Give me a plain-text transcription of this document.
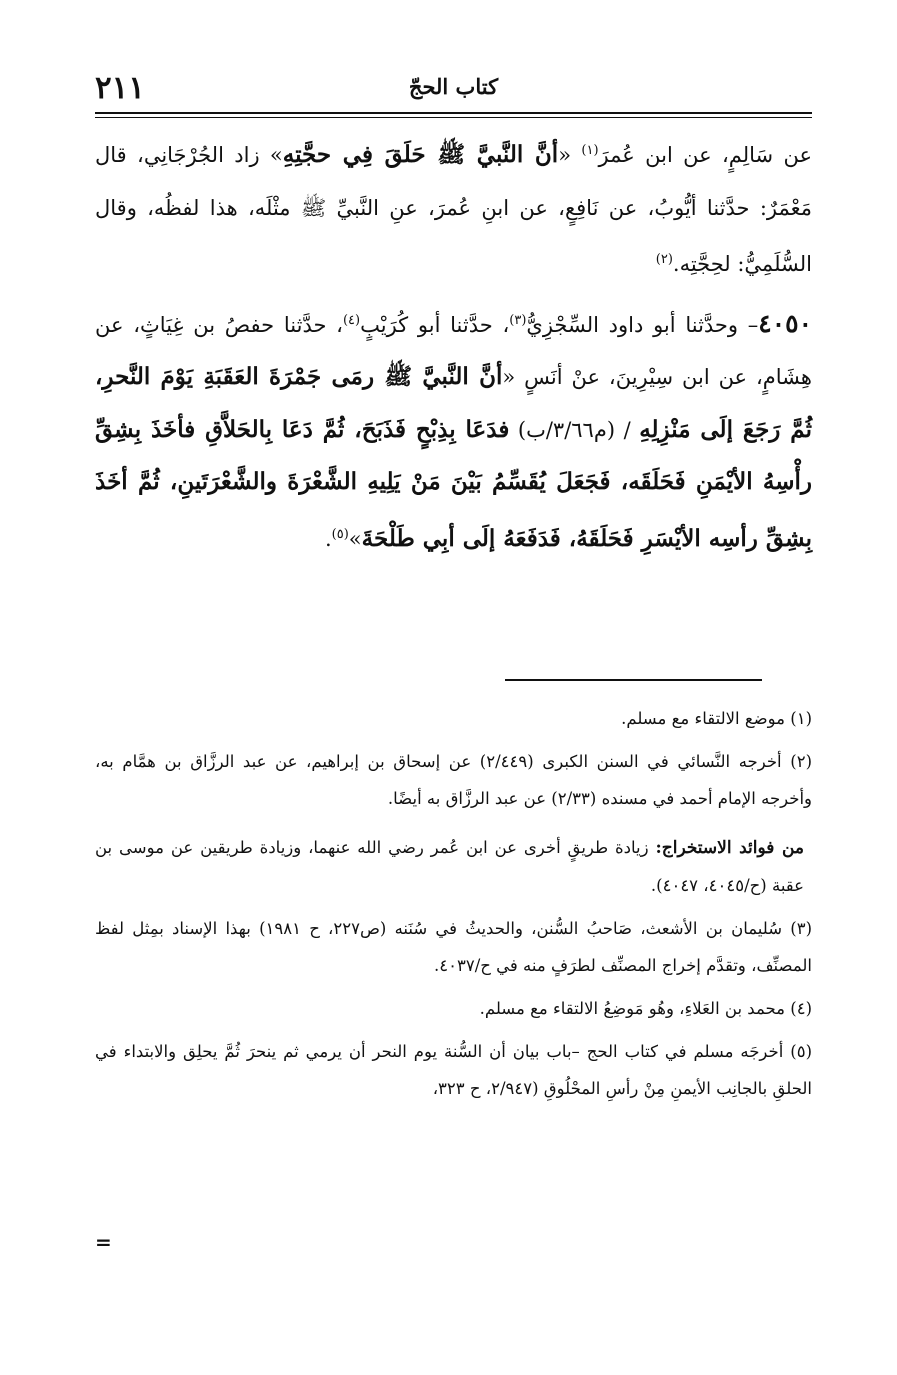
٢١١	كتاب الحجّ

عن سَالِمٍ، عن ابن عُمرَ$^{(١)}$ «أنَّ النَّبيَّ ﷺ حَلَقَ فِي حجَّتِهِ» زاد الجُرْجَانِي، قال مَعْمَرٌ: حدَّثنا أيُّوبُ، عن نَافِعٍ، عن ابنِ عُمرَ، عنِ النَّبيِّ ﷺ مثْلَه، هذا لفظُه، وقال السُّلَمِيُّ: لحِجَّتِه.$^{(٢)}$

٤٠٥٠– وحدَّثنا أبو داود السِّجْزِيُّ$^{(٣)}$، حدَّثنا أبو كُرَيْبٍ$^{(٤)}$، حدَّثنا حفصُ بن غِيَاثٍ، عن هِشَامٍ، عن ابن سِيْرِينَ، عنْ أنَسٍ «أنَّ النَّبيَّ ﷺ رمَى جَمْرَةَ العَقَبَةِ يَوْمَ النَّحرِ، ثُمَّ رَجَعَ إلَى مَنْزِلِهِ / (م٣/٦٦/ب) فدَعَا بِذِبْحٍ فَذَبَحَ، ثُمَّ دَعَا بِالحَلاَّقِ فأخَذَ بِشِقِّ رأْسِهُ الأيْمَنِ فَحَلَقَه، فَجَعَلَ يُقَسِّمُ بَيْنَ مَنْ يَلِيهِ الشَّعْرَةَ والشَّعْرَتَينِ، ثُمَّ أخَذَ بِشِقِّ رأسِه الأيْسَرِ فَحَلَقَهُ، فَدَفَعَهُ إلَى أبِي طَلْحَةَ»$^{(٥)}$.

(١) موضع الالتقاء مع مسلم.

(٢) أخرجه النَّسائي في السنن الكبرى (٢/٤٤٩) عن إسحاق بن إبراهيم، عن عبد الرزَّاق بن همَّام به، وأخرجه الإمام أحمد في مسنده (٢/٣٣) عن عبد الرزَّاق به أيضًا.

من فوائد الاستخراج: زيادة طريقٍ أخرى عن ابن عُمر رضي الله عنهما، وزيادة طريقين عن موسى بن عقبة (ح/٤٠٤٥، ٤٠٤٧).

(٣) سُليمان بن الأشعث، صَاحبُ السُّنن، والحديثُ في سُنَنه (ص٢٢٧، ح ١٩٨١) بهذا الإسناد بمِثل لفظ المصنِّف، وتقدَّم إخراج المصنِّف لطرَفٍ منه في ح/٤٠٣٧.

(٤) محمد بن العَلاءِ، وهُو مَوضِعُ الالتقاء مع مسلم.

(٥) أخرجَه مسلم في كتاب الحج –باب بيان أن السُّنة يوم النحر أن يرمي ثم ينحرَ ثُمَّ يحلِق والابتداء في الحلقِ بالجانِب الأيمنِ مِنْ رأسِ المحْلُوقِ (٢/٩٤٧، ح ٣٢٣،

=
